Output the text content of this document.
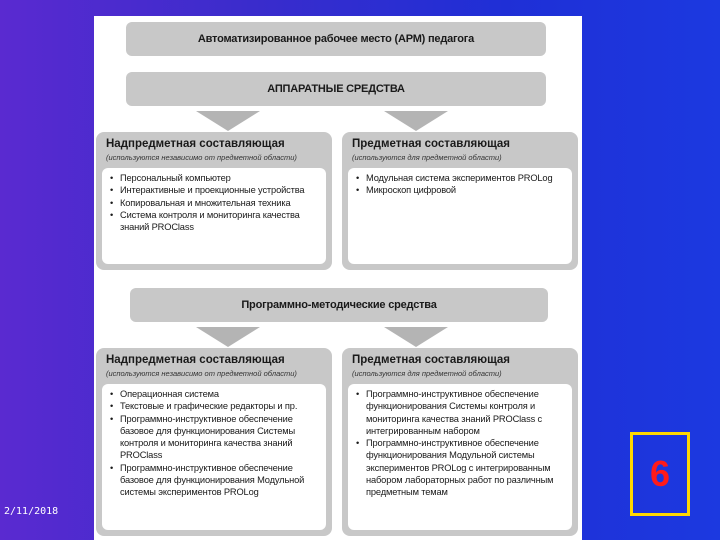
Автоматизированное рабочее место (АРМ) педагога
АППАРАТНЫЕ СРЕДСТВА
Надпредметная составляющая
(используются независимо от предметной области)
• Персональный компьютер
• Интерактивные и проекционные устройства
• Копировальная и множительная техника
• Система контроля и мониторинга качества знаний PROClass
Предметная составляющая
(используются для предметной области)
• Модульная система экспериментов PROLog
• Микроскоп цифровой
Программно-методические средства
Надпредметная составляющая
(используются независимо от предметной области)
• Операционная система
• Текстовые и графические редакторы и пр.
• Программно-инструктивное обеспечение базовое для функционирования Системы контроля и мониторинга качества знаний PROClass
• Программно-инструктивное обеспечение базовое для функционирования Модульной системы экспериментов PROLog
Предметная составляющая
(используются для предметной области)
• Программно-инструктивное обеспечение функционирования Системы контроля и мониторинга качества знаний PROClass с интегрированным набором
• Программно-инструктивное обеспечение функционирования Модульной системы экспериментов PROLog с интегрированным набором лабораторных работ по различным предметным темам
2/11/2018
6
